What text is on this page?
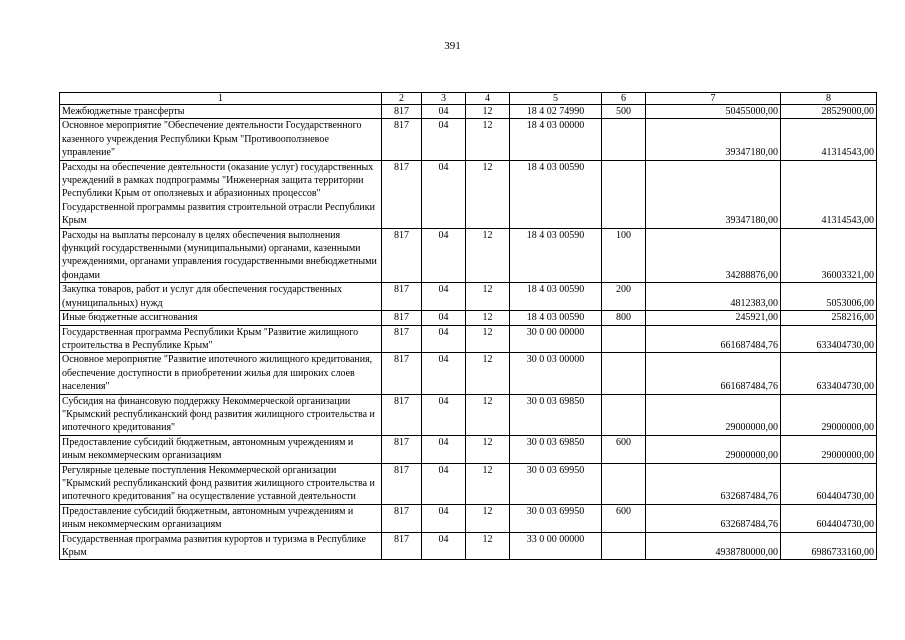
391
1	2	3	4	5	6	7	8
Межбюджетные трансферты	817	04	12	18 4 02 74990	500	50455000,00	28529000,00
Основное мероприятие "Обеспечение деятельности Государственного казенного учреждения Республики Крым "Противооползневое управление"	817	04	12	18 4 03 00000		39347180,00	41314543,00
Расходы на обеспечение деятельности (оказание услуг) государственных учреждений в рамках подпрограммы "Инженерная защита территории Республики Крым от оползневых и абразионных процессов" Государственной программы развития строительной отрасли Республики Крым	817	04	12	18 4 03 00590		39347180,00	41314543,00
Расходы на выплаты персоналу в целях обеспечения выполнения функций государственными (муниципальными) органами, казенными учреждениями, органами управления государственными внебюджетными фондами	817	04	12	18 4 03 00590	100	34288876,00	36003321,00
Закупка товаров, работ и услуг для обеспечения государственных (муниципальных) нужд	817	04	12	18 4 03 00590	200	4812383,00	5053006,00
Иные бюджетные ассигнования	817	04	12	18 4 03 00590	800	245921,00	258216,00
Государственная программа Республики Крым "Развитие жилищного строительства в Республике Крым"	817	04	12	30 0 00 00000		661687484,76	633404730,00
Основное мероприятие "Развитие ипотечного жилищного кредитования, обеспечение доступности в приобретении жилья для широких слоев населения"	817	04	12	30 0 03 00000		661687484,76	633404730,00
Субсидия на финансовую поддержку Некоммерческой организации "Крымский республиканский фонд развития жилищного строительства и ипотечного кредитования"	817	04	12	30 0 03 69850		29000000,00	29000000,00
Предоставление субсидий бюджетным, автономным учреждениям и иным некоммерческим организациям	817	04	12	30 0 03 69850	600	29000000,00	29000000,00
Регулярные целевые поступления Некоммерческой организации "Крымский республиканский фонд развития жилищного строительства и ипотечного кредитования" на осуществление уставной деятельности	817	04	12	30 0 03 69950		632687484,76	604404730,00
Предоставление субсидий бюджетным, автономным учреждениям и иным некоммерческим организациям	817	04	12	30 0 03 69950	600	632687484,76	604404730,00
Государственная программа развития курортов и туризма в Республике Крым	817	04	12	33 0 00 00000		4938780000,00	6986733160,00
